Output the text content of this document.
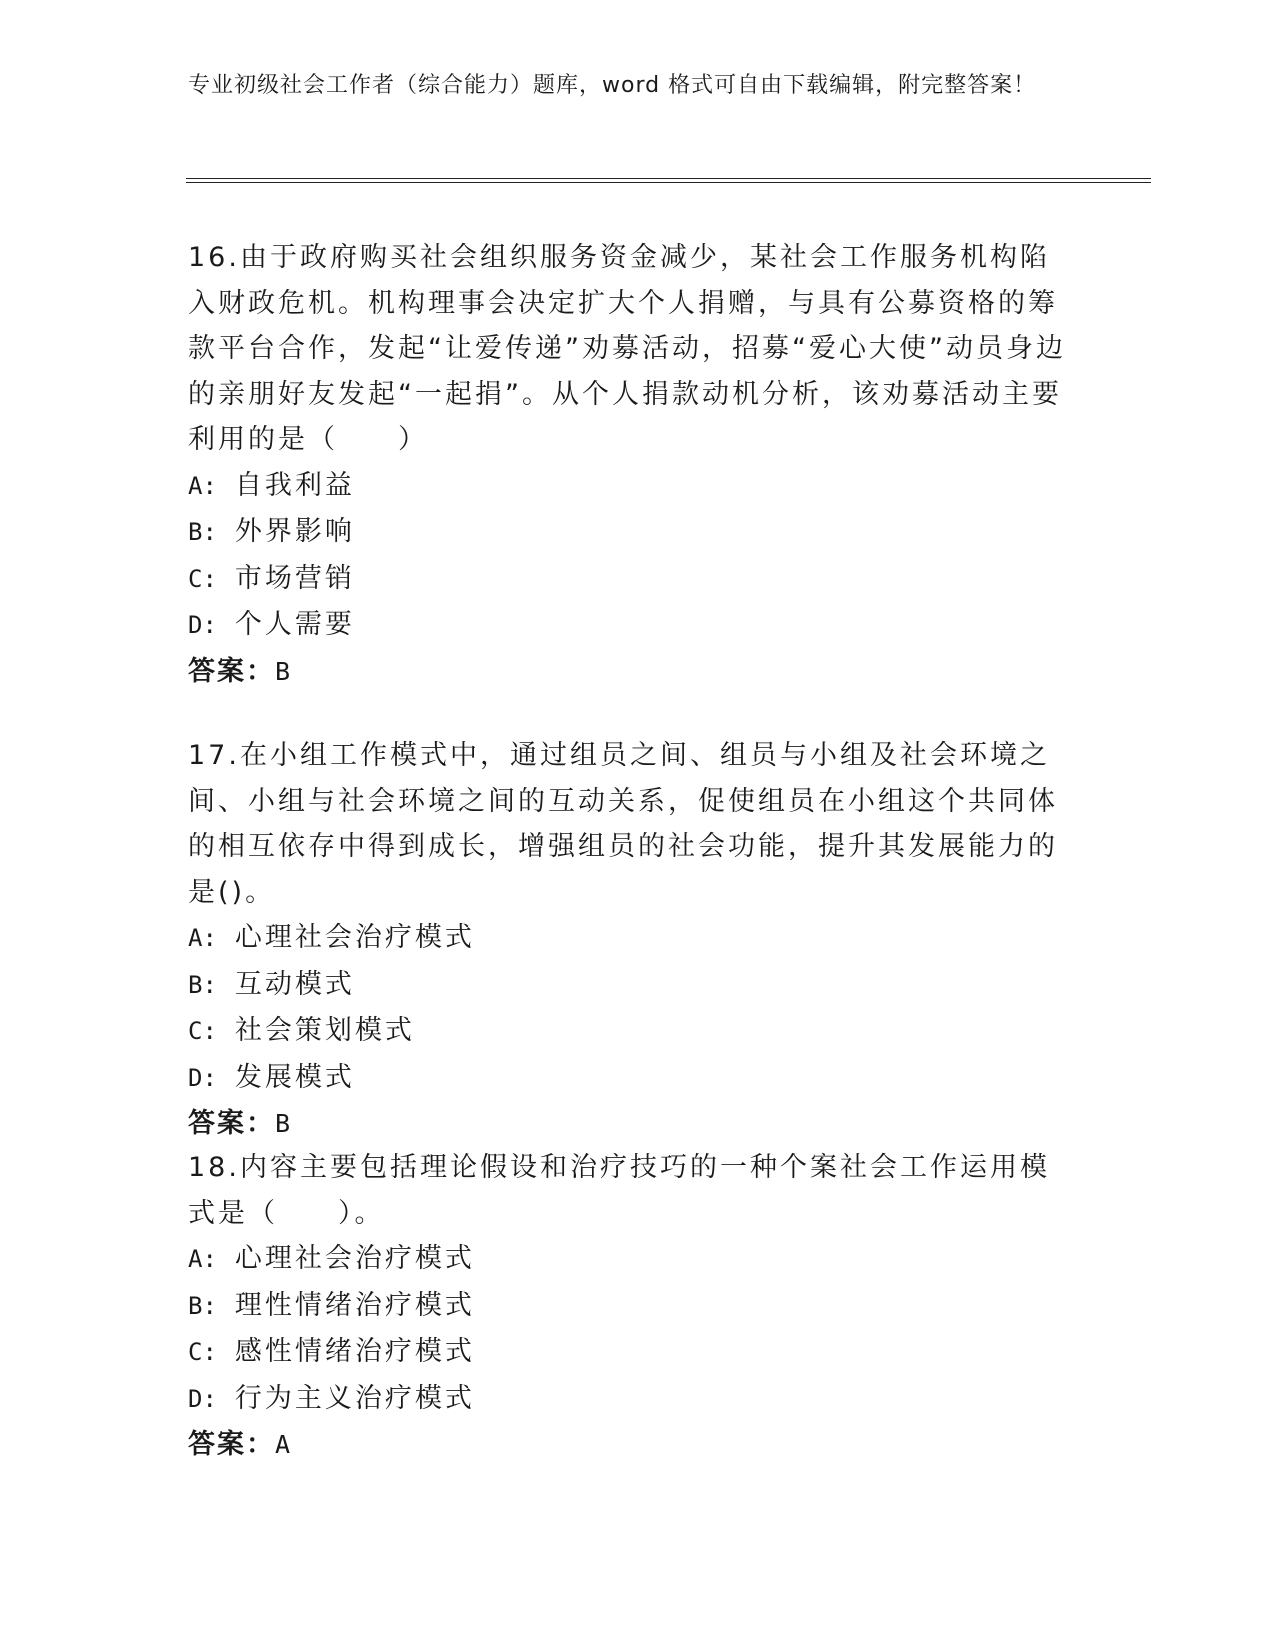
专业初级社会工作者（综合能力）题库，word 格式可自由下载编辑，附完整答案！

16.由于政府购买社会组织服务资金减少，某社会工作服务机构陷入财政危机。机构理事会决定扩大个人捐赠，与具有公募资格的筹款平台合作，发起“让爱传递”劝募活动，招募“爱心大使”动员身边的亲朋好友发起“一起捐”。从个人捐款动机分析，该劝募活动主要利用的是（　　）

A: 自我利益

B: 外界影响

C: 市场营销

D: 个人需要

答案：B

17.在小组工作模式中，通过组员之间、组员与小组及社会环境之间、小组与社会环境之间的互动关系，促使组员在小组这个共同体的相互依存中得到成长，增强组员的社会功能，提升其发展能力的是()。

A: 心理社会治疗模式

B: 互动模式

C: 社会策划模式

D: 发展模式

答案：B

18.内容主要包括理论假设和治疗技巧的一种个案社会工作运用模式是（　　）。

A: 心理社会治疗模式

B: 理性情绪治疗模式

C: 感性情绪治疗模式

D: 行为主义治疗模式

答案：A
